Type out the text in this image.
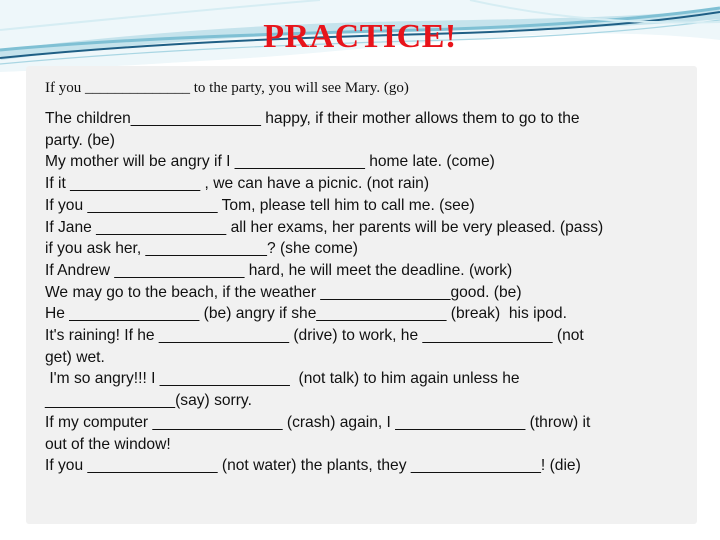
PRACTICE!
If you ______________ to the party, you will see Mary. (go)
The children_______________ happy, if their mother allows them to go to the
party. (be)
My mother will be angry if I _______________ home late. (come)
If it _______________ , we can have a picnic. (not rain)
If you _______________ Tom, please tell him to call me. (see)
If Jane _______________ all her exams, her parents will be very pleased. (pass)
if you ask her, ______________? (she come)
If Andrew _______________ hard, he will meet the deadline. (work)
We may go to the beach, if the weather _______________good. (be)
He _______________ (be) angry if she_______________ (break)  his ipod.
It's raining! If he _______________ (drive) to work, he _______________ (not
get) wet.
I'm so angry!!! I _______________  (not talk) to him again unless he
_______________(say) sorry.
If my computer _______________ (crash) again, I _______________ (throw) it
out of the window!
If you _______________ (not water) the plants, they _______________! (die)
